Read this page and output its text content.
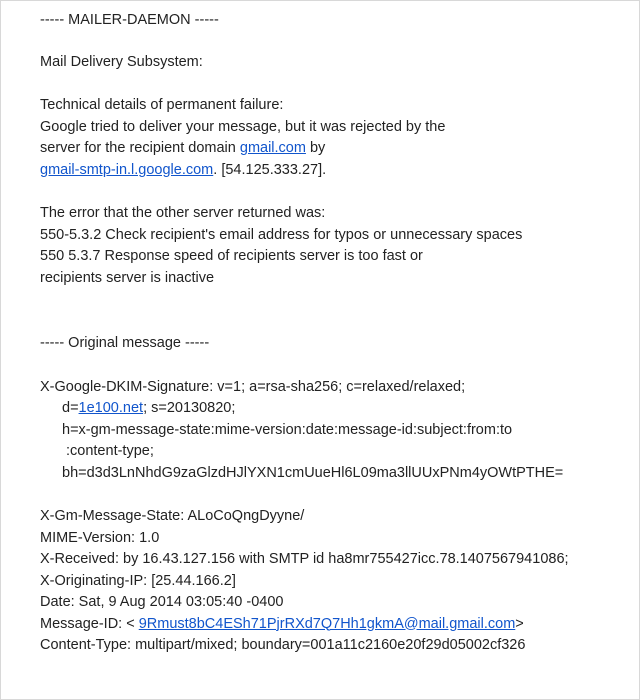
----- MAILER-DAEMON -----
Mail Delivery Subsystem:
Technical details of permanent failure:
Google tried to deliver your message, but it was rejected by the
server for the recipient domain gmail.com by
gmail-smtp-in.l.google.com. [54.125.333.27].
The error that the other server returned was:
550-5.3.2 Check recipient's email address for typos or unnecessary spaces
550 5.3.7 Response speed of recipients server is too fast or
recipients server is inactive
----- Original message -----
X-Google-DKIM-Signature: v=1; a=rsa-sha256; c=relaxed/relaxed;
d=1e100.net; s=20130820;
h=x-gm-message-state:mime-version:date:message-id:subject:from:to
:content-type;
bh=d3d3LnNhdG9zaGlzdHJlYXN1cmUueHl6L09ma3llUUxPNm4yOWtPTHE=
X-Gm-Message-State: ALoCoQngDyyne/
MIME-Version: 1.0
X-Received: by 16.43.127.156 with SMTP id ha8mr755427icc.78.1407567941086;
X-Originating-IP: [25.44.166.2]
Date: Sat, 9 Aug 2014 03:05:40 -0400
Message-ID: < 9Rmust8bC4ESh71PjrRXd7Q7Hh1gkmA@mail.gmail.com>
Content-Type: multipart/mixed; boundary=001a11c2160e20f29d05002cf326
